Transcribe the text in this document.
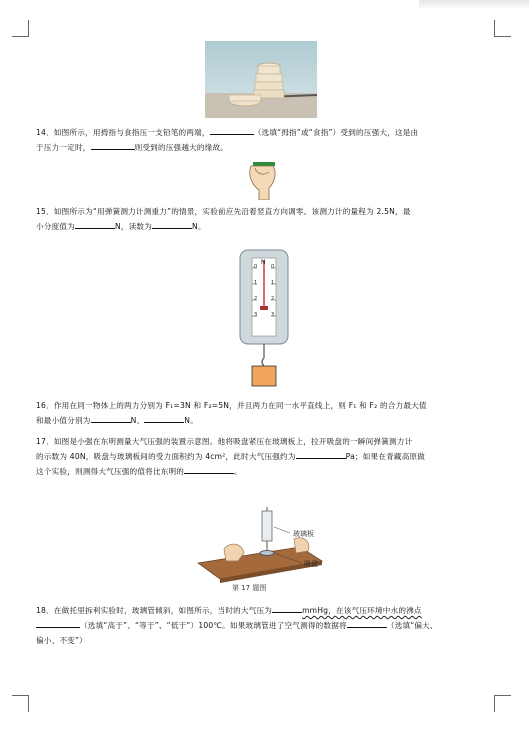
14．如图所示，用拇指与食指压一支铅笔的两端，	（选填“拇指”或“食指”）受到的压强大，这是由
于压力一定时，	则受到的压强越大的缘故。
15．如图所示为“用弹簧测力计测重力”的情景，实验前应先沿着竖直方向调零。该测力计的量程为 2.5N，最
小分度值为	N，读数为	N。
N
0
1
2
3
0
1
2
3
16．作用在同一物体上的两力分别为 F₁=3N 和 F₂=5N，并且两力在同一水平直线上，则 F₁ 和 F₂ 的合力最大值
和最小值分别为	N、	N。
17．如图是小强在东明测量大气压强的装置示意图。他将吸盘紧压在玻璃板上，拉开吸盘的一瞬间弹簧测力计
的示数为 40N，吸盘与玻璃板间的受力面积约为 4cm²，此时大气压强约为	Pa；如果在青藏高原做
这个实验，则测得大气压强的值将比东明的	。
玻璃板
吸盘
第 17 题图
18．在做托里拆利实验时，玻璃管倾斜，如图所示，当时的大气压为	mmHg，在该气压环境中水的沸点
（选填“高于”、“等于”、“低于”）100℃。如果玻璃管进了空气测得的数据将	（选填“偏大、
偏小、不变”）
